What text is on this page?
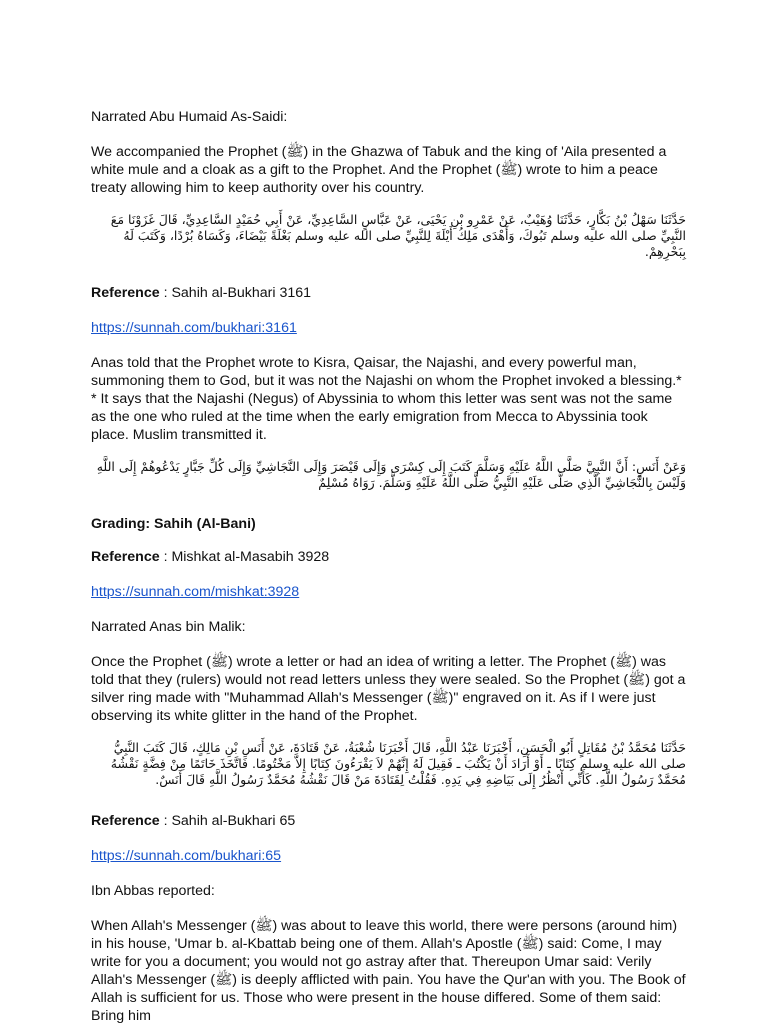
Narrated Abu Humaid As-Saidi:

We accompanied the Prophet (ﷺ) in the Ghazwa of Tabuk and the king of 'Aila presented a white mule and a cloak as a gift to the Prophet. And the Prophet (ﷺ) wrote to him a peace treaty allowing him to keep authority over his country.

حَدَّثَنَا سَهْلُ بْنُ بَكَّارٍ، حَدَّثَنَا وُهَيْبٌ، عَنْ عَمْرِو بْنِ يَحْيَى، عَنْ عَبَّاسٍ السَّاعِدِيِّ، عَنْ أَبِي حُمَيْدٍ السَّاعِدِيِّ، قَالَ غَزَوْنَا مَعَ النَّبِيِّ صلى الله عليه وسلم تَبُوكَ، وَأَهْدَى مَلِكُ أَيْلَةَ لِلنَّبِيِّ صلى الله عليه وسلم بَغْلَةً بَيْضَاءَ، وَكَسَاهُ بُرْدًا، وَكَتَبَ لَهُ بِبَحْرِهِمْ.

Reference : Sahih al-Bukhari 3161

https://sunnah.com/bukhari:3161

Anas told that the Prophet wrote to Kisra, Qaisar, the Najashi, and every powerful man, summoning them to God, but it was not the Najashi on whom the Prophet invoked a blessing.* * It says that the Najashi (Negus) of Abyssinia to whom this letter was sent was not the same as the one who ruled at the time when the early emigration from Mecca to Abyssinia took place. Muslim transmitted it.

وَعَنْ أَنَسٍ: أَنَّ النَّبِيَّ صَلَّى اللَّهُ عَلَيْهِ وَسَلَّمَ كَتَبَ إِلَى كِسْرَى وَإِلَى قَيْصَرَ وَإِلَى النَّجَاشِيِّ وَإِلَى كُلِّ جَبَّارٍ يَدْعُوهُمْ إِلَى اللَّهِ وَلَيْسَ بِالنَّجَاشِيِّ الَّذِي صَلَّى عَلَيْهِ النَّبِيُّ صَلَّى اللَّهُ عَلَيْهِ وَسَلَّمَ. رَوَاهُ مُسْلِمٌ

Grading: Sahih (Al-Bani)

Reference : Mishkat al-Masabih 3928

https://sunnah.com/mishkat:3928

Narrated Anas bin Malik:

Once the Prophet (ﷺ) wrote a letter or had an idea of writing a letter. The Prophet (ﷺ) was told that they (rulers) would not read letters unless they were sealed. So the Prophet (ﷺ) got a silver ring made with "Muhammad Allah's Messenger (ﷺ)" engraved on it. As if I were just observing its white glitter in the hand of the Prophet.

حَدَّثَنَا مُحَمَّدُ بْنُ مُقَاتِلٍ أَبُو الْحَسَنِ، أَخْبَرَنَا عَبْدُ اللَّهِ، قَالَ أَخْبَرَنَا شُعْبَةُ، عَنْ قَتَادَةَ، عَنْ أَنَسِ بْنِ مَالِكٍ، قَالَ كَتَبَ النَّبِيُّ صلى الله عليه وسلم كِتَابًا ـ أَوْ أَرَادَ أَنْ يَكْتُبَ ـ فَقِيلَ لَهُ إِنَّهُمْ لاَ يَقْرَءُونَ كِتَابًا إِلاَّ مَخْتُومًا‏.‏ فَاتَّخَذَ خَاتَمًا مِنْ فِضَّةٍ نَقْشُهُ مُحَمَّدٌ رَسُولُ اللَّهِ‏.‏ كَأَنِّي أَنْظُرُ إِلَى بَيَاضِهِ فِي يَدِهِ‏.‏ فَقُلْتُ لِقَتَادَةَ مَنْ قَالَ نَقْشُهُ مُحَمَّدٌ رَسُولُ اللَّهِ قَالَ أَنَسٌ‏.‏

Reference : Sahih al-Bukhari 65

https://sunnah.com/bukhari:65

Ibn Abbas reported:

When Allah's Messenger (ﷺ) was about to leave this world, there were persons (around him) in his house, 'Umar b. al-Kbattab being one of them. Allah's Apostle (ﷺ) said: Come, I may write for you a document; you would not go astray after that. Thereupon Umar said: Verily Allah's Messenger (ﷺ) is deeply afflicted with pain. You have the Qur'an with you. The Book of Allah is sufficient for us. Those who were present in the house differed. Some of them said: Bring him
